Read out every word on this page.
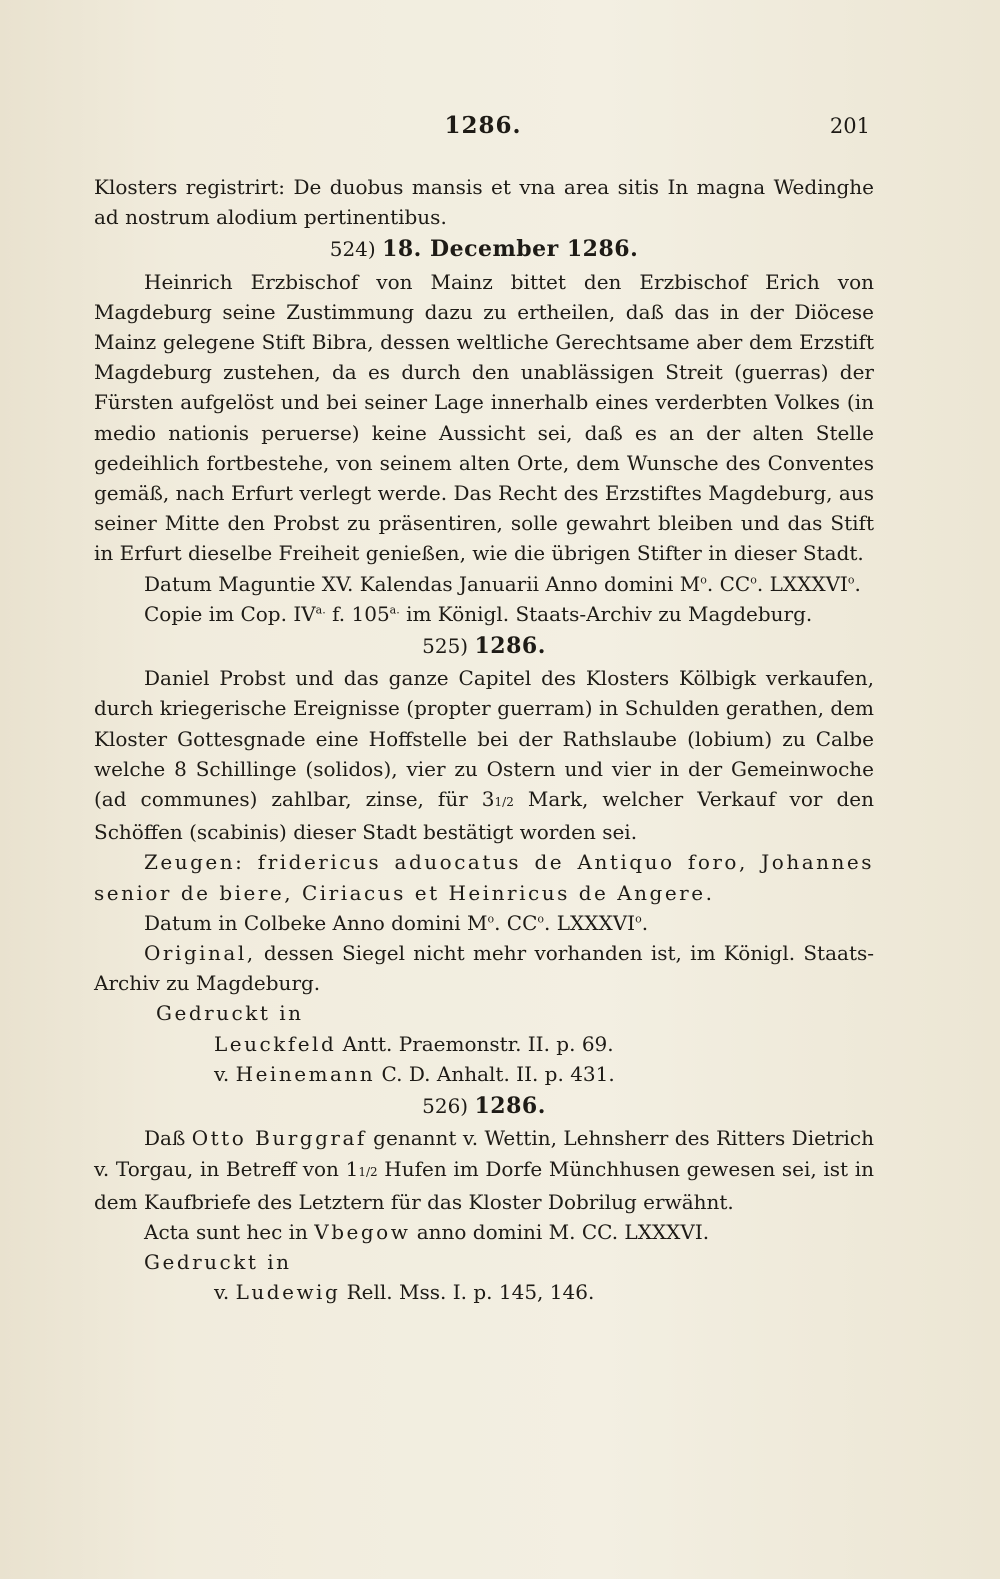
1286.	201

Klosters registrirt: De duobus mansis et vna area sitis In magna Wedinghe ad nostrum alodium pertinentibus.

524) 18. December 1286.

Heinrich Erzbischof von Mainz bittet den Erzbischof Erich von Magdeburg seine Zustimmung dazu zu ertheilen, daß das in der Diöcese Mainz gelegene Stift Bibra, dessen weltliche Gerechtsame aber dem Erzstift Magdeburg zustehen, da es durch den unablässigen Streit (guerras) der Fürsten aufgelöst und bei seiner Lage innerhalb eines verderbten Volkes (in medio nationis peruerse) keine Aussicht sei, daß es an der alten Stelle gedeihlich fortbestehe, von seinem alten Orte, dem Wunsche des Conventes gemäß, nach Erfurt verlegt werde. Das Recht des Erzstiftes Magdeburg, aus seiner Mitte den Probst zu präsentiren, solle gewahrt bleiben und das Stift in Erfurt dieselbe Freiheit genießen, wie die übrigen Stifter in dieser Stadt.

Datum Maguntie XV. Kalendas Januarii Anno domini $M^o$. $CC^o$. LXXXVI$^o$.

Copie im Cop. $IV^{a.}$ f. $105^{a.}$ im Königl. Staats-Archiv zu Magdeburg.

525) 1286.

Daniel Probst und das ganze Capitel des Klosters Kölbigk verkaufen, durch kriegerische Ereignisse (propter guerram) in Schulden gerathen, dem Kloster Gottesgnade eine Hoffstelle bei der Rathslaube (lobium) zu Calbe welche 8 Schillinge (solidos), vier zu Ostern und vier in der Gemeinwoche (ad communes) zahlbar, zinse, für 31/2 Mark, welcher Verkauf vor den Schöffen (scabinis) dieser Stadt bestätigt worden sei.

Zeugen: fridericus aduocatus de Antiquo foro, Johannes senior de biere, Ciriacus et Heinricus de Angere.

Datum in Colbeke Anno domini $M^o$. $CC^o$. LXXXVI$^o$.

Original, dessen Siegel nicht mehr vorhanden ist, im Königl. Staats-Archiv zu Magdeburg.

Gedruckt in

Leuckfeld Antt. Praemonstr. II. p. 69.

v. Heinemann C. D. Anhalt. II. p. 431.

526) 1286.

Daß Otto Burggraf genannt v. Wettin, Lehnsherr des Ritters Dietrich v. Torgau, in Betreff von 11/2 Hufen im Dorfe Münchhusen gewesen sei, ist in dem Kaufbriefe des Letztern für das Kloster Dobrilug erwähnt.

Acta sunt hec in Vbegow anno domini M. CC. LXXXVI.

Gedruckt in

v. Ludewig Rell. Mss. I. p. 145, 146.
